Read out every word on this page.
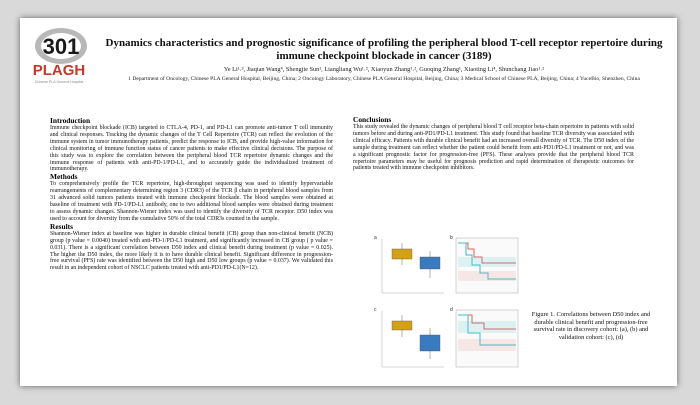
301
PLAGH
Chinese PLA General Hospital
Dynamics characteristics and prognostic significance of profiling the peripheral blood T-cell receptor repertoire during immune checkpoint blockade in cancer (3189)
Ye Li¹˒³, Jiaqian Wang⁴, Shengjie Sun¹, Liangliang Wu¹˒², Xiaoyun Zhang¹˒², Guoqing Zhang¹, Xiaoting Li⁴, Shunchang Jiao¹˒²
1 Department of Oncology, Chinese PLA General Hospital, Beijing, China; 2 Oncology Laboratory, Chinese PLA General Hospital, Beijing, China; 3 Medical School of Chinese PLA, Beijing, China; 4 YuceBio, Shenzhen, China
Introduction

Immune checkpoint blockade (ICB) targeted to CTLA-4, PD-1, and PD-L1 can promote anti-tumor T cell immunity and clinical responses. Tracking the dynamic changes of the T Cell Repertoire (TCR) can reflect the evolution of the immune system in tumor immunotherapy patients, predict the response to ICB, and provide high-value information for clinical monitoring of immune function status of cancer patients to make effective clinical decisions. The purpose of this study was to explore the correlation between the peripheral blood TCR repertoire dynamic changes and the immune response of patients with anti-PD-1/PD-L1, and to accurately guide the individualized treatment of immunotherapy.

Methods

To comprehensively profile the TCR repertoire, high-throughput sequencing was used to identify hypervariable rearrangements of complementary determining region 3 (CDR3) of the TCR β chain in peripheral blood samples from 31 advanced solid tumors patients treated with immune checkpoint blockade. The blood samples were obtained at baseline of treatment with PD-1/PD-L1 antibody, one to two additional blood samples were obtained during treatment to assess dynamic changes. Shannon-Wiener index was used to identify the diversity of TCR receptor. D50 index was used to account for diversity from the cumulative 50% of the total CDR3s counted in the sample.

Results

Shannon-Wiener index at baseline was higher in durable clinical benefit (CB) group than non-clinical benefit (NCB) group (p value = 0.0040) treated with anti-PD-1/PD-L1 treatment, and significantly increased in CB group ( p value = 0.031). There is a significant correlation between D50 index and clinical benefit during treatment (p value = 0.025). The higher the D50 index, the more likely it is to have durable clinical benefit. Significant difference in progression-free survival (PFS) rate was identified between the D50 high and D50 low groups (p value = 0.037). We validated this result in an independent cohort of NSCLC patients treated with anti-PD1/PD-L1(N=12).

Conclusions

This study revealed the dynamic changes of peripheral blood T cell receptor beta-chain repertoire in patients with solid tumors before and during anti-PD1/PD-L1 treatment. This study found that baseline TCR diversity was associated with clinical efficacy. Patients with durable clinical benefit had an increased overall diversity of TCR. The D50 index of the sample during treatment can reflect whether the patient could benefit from anti-PD1/PD-L1 treatment or not, and was a significant prognostic factor for progression-free (PFS). These analyses provide that the peripheral blood TCR repertoire parameters may be useful for prognosis prediction and rapid determination of therapeutic outcomes for patients treated with immune checkpoint inhibitors.

a	b
c	d
Figure 1. Correlations between D50 index and durable clinical benefit and progression-free survival rate in discovery cohort: (a), (b) and validation cohort: (c), (d)
